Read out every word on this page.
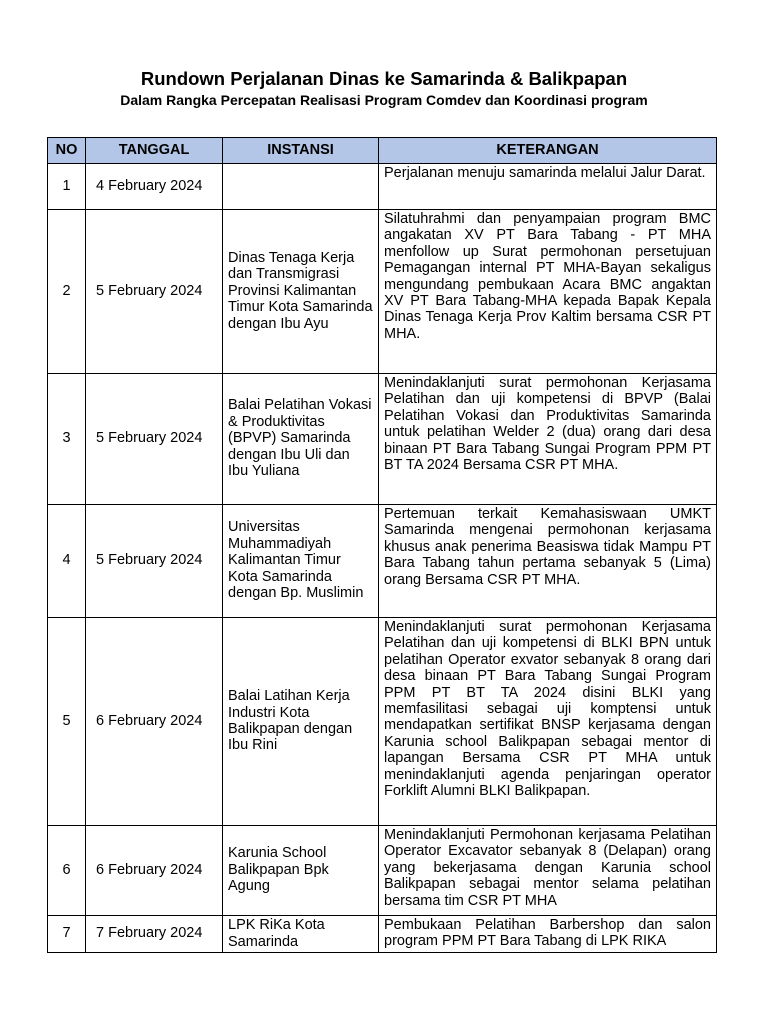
Rundown Perjalanan Dinas ke Samarinda & Balikpapan
Dalam Rangka Percepatan Realisasi Program Comdev dan Koordinasi program
NO	TANGGAL	INSTANSI	KETERANGAN
1	4 February 2024		Perjalanan menuju samarinda melalui Jalur Darat.
2	5 February 2024	Dinas Tenaga Kerja dan Transmigrasi Provinsi Kalimantan Timur Kota Samarinda dengan Ibu Ayu	Silatuhrahmi dan penyampaian program BMC angakatan XV PT Bara Tabang - PT MHA menfollow up Surat permohonan persetujuan Pemagangan internal PT MHA-Bayan sekaligus mengundang pembukaan Acara BMC angaktan XV PT Bara Tabang-MHA kepada Bapak Kepala Dinas Tenaga Kerja Prov Kaltim bersama CSR PT MHA.
3	5 February 2024	Balai Pelatihan Vokasi & Produktivitas (BPVP) Samarinda dengan Ibu Uli dan Ibu Yuliana	Menindaklanjuti surat permohonan Kerjasama Pelatihan dan uji kompetensi di BPVP (Balai Pelatihan Vokasi dan Produktivitas Samarinda untuk pelatihan Welder 2 (dua) orang dari desa binaan PT Bara Tabang Sungai Program PPM PT BT TA 2024 Bersama CSR PT MHA.
4	5 February 2024	Universitas Muhammadiyah Kalimantan Timur Kota Samarinda dengan Bp. Muslimin	Pertemuan terkait Kemahasiswaan UMKT Samarinda mengenai permohonan kerjasama khusus anak penerima Beasiswa tidak Mampu PT Bara Tabang tahun pertama sebanyak 5 (Lima) orang Bersama CSR PT MHA.
5	6 February 2024	Balai Latihan Kerja Industri Kota Balikpapan dengan Ibu Rini	Menindaklanjuti surat permohonan Kerjasama Pelatihan dan uji kompetensi di BLKI BPN untuk pelatihan Operator exvator sebanyak 8 orang dari desa binaan PT Bara Tabang Sungai Program PPM PT BT TA 2024 disini BLKI yang memfasilitasi sebagai uji komptensi untuk mendapatkan sertifikat BNSP kerjasama dengan Karunia school Balikpapan sebagai mentor di lapangan Bersama CSR PT MHA untuk menindaklanjuti agenda penjaringan operator Forklift Alumni BLKI Balikpapan.
6	6 February 2024	Karunia School Balikpapan Bpk Agung	Menindaklanjuti Permohonan kerjasama Pelatihan Operator Excavator sebanyak 8 (Delapan) orang yang bekerjasama dengan Karunia school Balikpapan sebagai mentor selama pelatihan bersama tim CSR PT MHA
7	7 February 2024	LPK RiKa Kota Samarinda	Pembukaan Pelatihan Barbershop dan salon program PPM PT Bara Tabang di LPK RIKA
